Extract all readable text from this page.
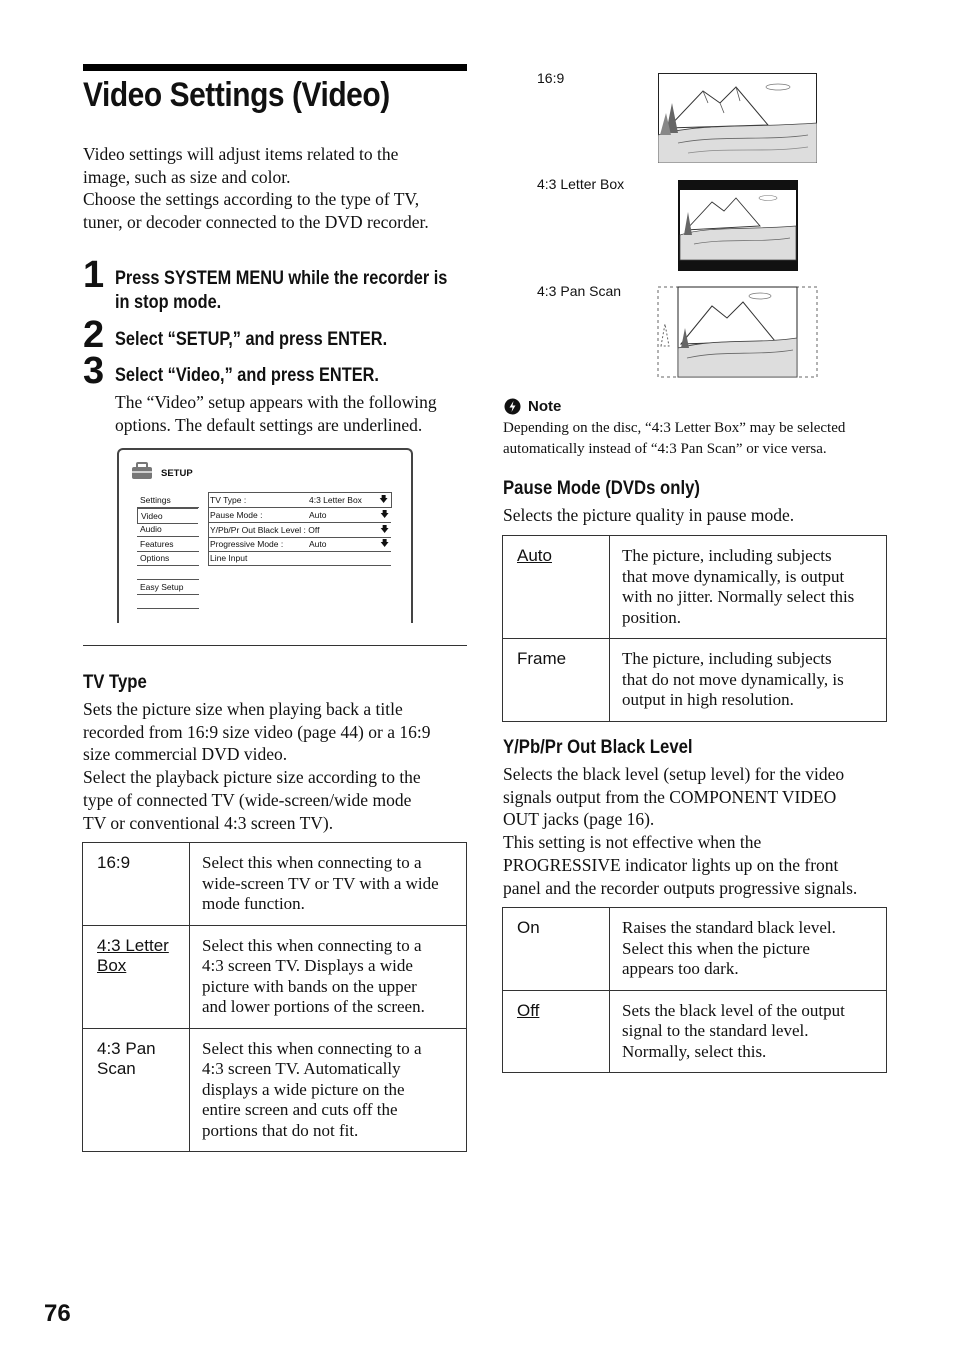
Video Settings (Video)
Video settings will adjust items related to the
image, such as size and color.
Choose the settings according to the type of TV,
tuner, or decoder connected to the DVD recorder.
1 Press SYSTEM MENU while the recorder is
in stop mode.
2 Select “SETUP,” and press ENTER.
3 Select “Video,” and press ENTER.
The “Video” setup appears with the following
options. The default settings are underlined.
SETUP
Settings
Video
Audio
Features
Options
Easy Setup
TV Type :	4:3 Letter Box 🡇
Pause Mode :	Auto	🡇
Y/Pb/Pr Out Black Level : Off	🡇
Progressive Mode :	Auto	🡇
Line Input
TV Type
Sets the picture size when playing back a title
recorded from 16:9 size video (page 44) or a 16:9
size commercial DVD video.
Select the playback picture size according to the
type of connected TV (wide-screen/wide mode
TV or conventional 4:3 screen TV).
16:9	Select this when connecting to a
wide-screen TV or TV with a wide
mode function.

4:3 Letter Box	Select this when connecting to a
4:3 screen TV. Displays a wide
picture with bands on the upper
and lower portions of the screen.

4:3 Pan Scan	Select this when connecting to a
4:3 screen TV. Automatically
displays a wide picture on the
entire screen and cuts off the
portions that do not fit.
16:9
4:3 Letter Box
4:3 Pan Scan
Note
Depending on the disc, “4:3 Letter Box” may be selected
automatically instead of “4:3 Pan Scan” or vice versa.
Pause Mode (DVDs only)
Selects the picture quality in pause mode.
Auto	The picture, including subjects
that move dynamically, is output
with no jitter. Normally select this
position.

Frame	The picture, including subjects
that do not move dynamically, is
output in high resolution.
Y/Pb/Pr Out Black Level
Selects the black level (setup level) for the video
signals output from the COMPONENT VIDEO
OUT jacks (page 16).
This setting is not effective when the
PROGRESSIVE indicator lights up on the front
panel and the recorder outputs progressive signals.
On	Raises the standard black level.
Select this when the picture
appears too dark.

Off	Sets the black level of the output
signal to the standard level.
Normally, select this.
76
